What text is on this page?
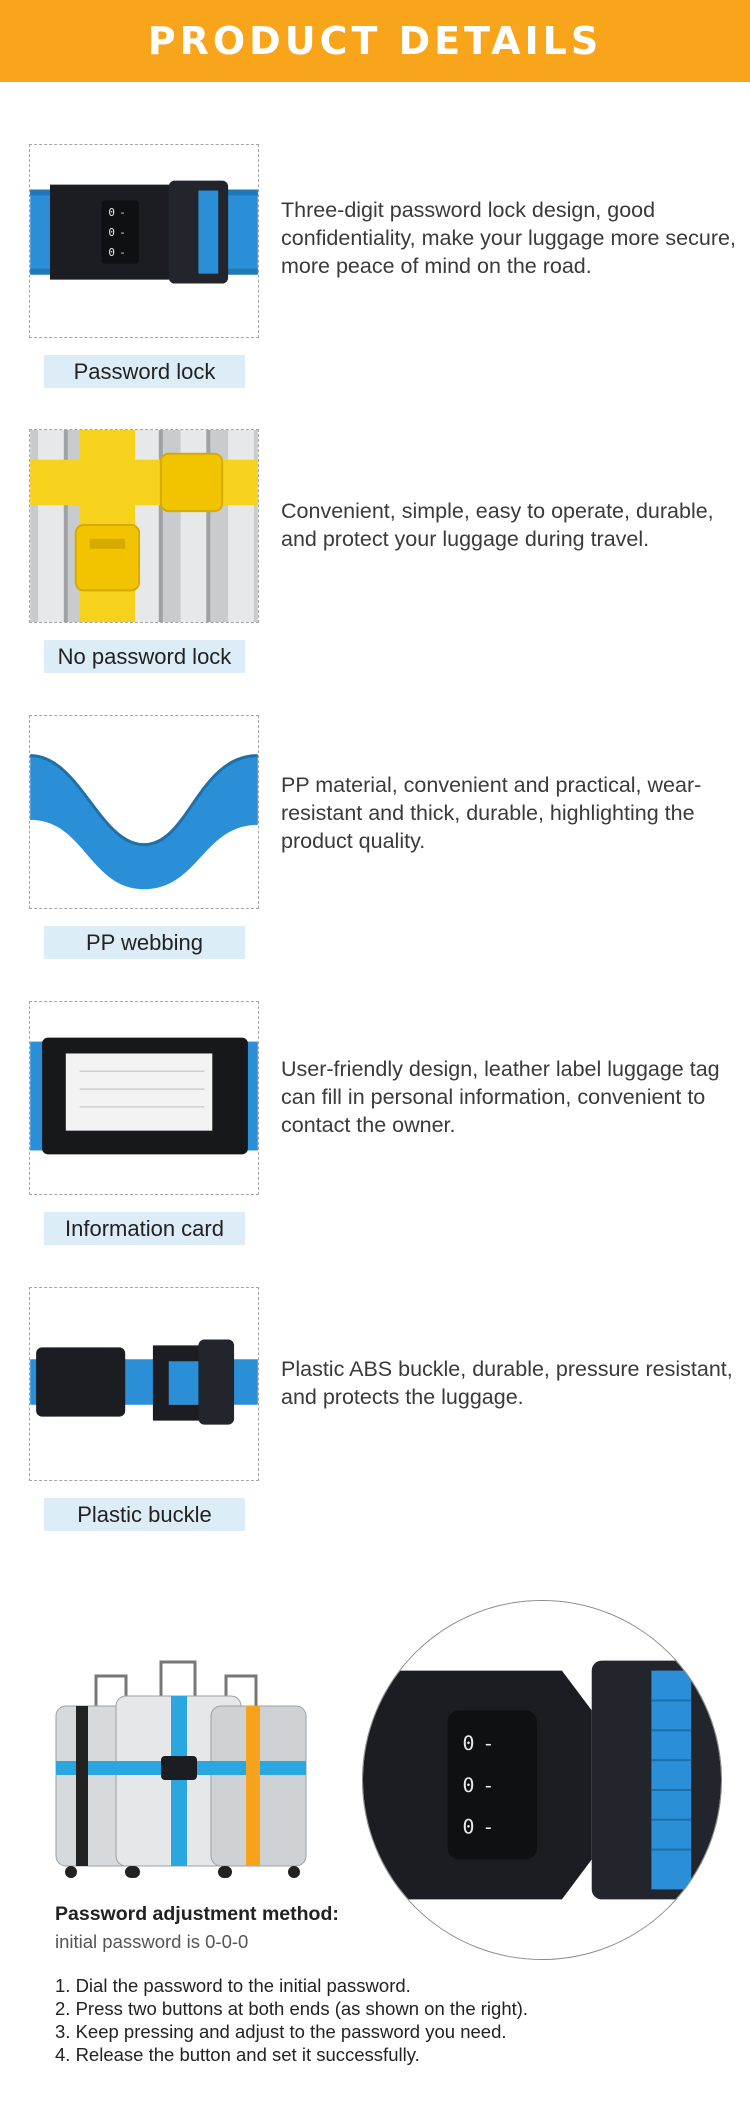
PRODUCT DETAILS
0 -
0 -
0 -
Password lock
Three-digit password lock design, good confidentiality, make your luggage more secure, more peace of mind on the road.
No password lock
Convenient, simple, easy to operate, durable, and protect your luggage during travel.
PP webbing
PP material, convenient and practical, wear-resistant and thick, durable, highlighting the product quality.
Information card
User-friendly design, leather label luggage tag can fill in personal information, convenient to contact the owner.
Plastic buckle
Plastic ABS buckle, durable, pressure resistant, and protects the luggage.
0 -
0 -
0 -
Password adjustment method:
initial password is 0-0-0
1. Dial the password to the initial password.
2. Press two buttons at both ends (as shown on the right).
3. Keep pressing and adjust to the password you need.
4. Release the button and set it successfully.
